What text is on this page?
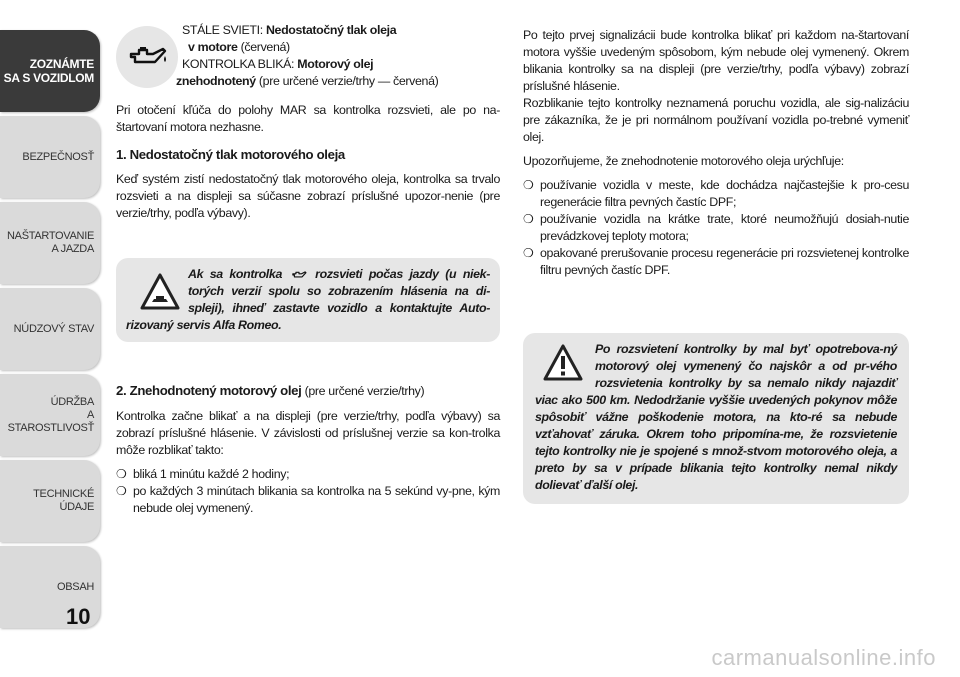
ZOZNÁMTE
SA S VOZIDLOM
BEZPEČNOSŤ
NAŠTARTOVANIE
A JAZDA
NÚDZOVÝ STAV
ÚDRŽBA
A STAROSTLIVOSŤ
TECHNICKÉ
ÚDAJE
OBSAH
10
STÁLE SVIETI: Nedostatočný tlak oleja
v motore (červená)
KONTROLKA BLIKÁ: Motorový olej
znehodnotený (pre určené verzie/trhy — červená)

Pri otočení kľúča do polohy MAR sa kontrolka rozsvieti, ale po na-štartovaní motora nezhasne.

1. Nedostatočný tlak motorového oleja

Keď systém zistí nedostatočný tlak motorového oleja, kontrolka sa trvalo rozsvieti a na displeji sa súčasne zobrazí príslušné upozor-nenie (pre verzie/trhy, podľa výbavy).

Ak sa kontrolka  rozsvieti počas jazdy (u niek-torých verzií spolu so zobrazením hlásenia na di-spleji), ihneď zastavte vozidlo a kontaktujte Auto-rizovaný servis Alfa Romeo.
2. Znehodnotený motorový olej (pre určené verzie/trhy)

Kontrolka začne blikať a na displeji (pre verzie/trhy, podľa výbavy) sa zobrazí príslušné hlásenie. V závislosti od príslušnej verzie sa kon-trolka môže rozblikať takto:

❍ bliká 1 minútu každé 2 hodiny;
❍ po každých 3 minútach blikania sa kontrolka na 5 sekúnd vy-pne, kým nebude olej vymenený.

Po tejto prvej signalizácii bude kontrolka blikať pri každom na-štartovaní motora vyššie uvedeným spôsobom, kým nebude olej vymenený. Okrem blikania kontrolky sa na displeji (pre verzie/trhy, podľa výbavy) zobrazí príslušné hlásenie.

Rozblikanie tejto kontrolky neznamená poruchu vozidla, ale sig-nalizáciu pre zákazníka, že je pri normálnom používaní vozidla po-trebné vymeniť olej.

Upozorňujeme, že znehodnotenie motorového oleja urýchľuje:

❍ používanie vozidla v meste, kde dochádza najčastejšie k pro-cesu regenerácie filtra pevných častíc DPF;
❍ používanie vozidla na krátke trate, ktoré neumožňujú dosiah-nutie prevádzkovej teploty motora;
❍ opakované prerušovanie procesu regenerácie pri rozsvietenej kontrolke filtru pevných častíc DPF.
Po rozsvietení kontrolky by mal byť opotrebova-ný motorový olej vymenený čo najskôr a od pr-vého rozsvietenia kontrolky by sa nemalo nikdy najazdiť viac ako 500 km. Nedodržanie vyššie uvedených pokynov môže spôsobiť vážne poškodenie motora, na kto-ré sa nebude vzťahovať záruka. Okrem toho pripomína-me, že rozsvietenie tejto kontrolky nie je spojené s množ-stvom motorového oleja, a preto by sa v prípade blikania tejto kontrolky nemal nikdy dolievať ďalší olej.
carmanualsonline.info
